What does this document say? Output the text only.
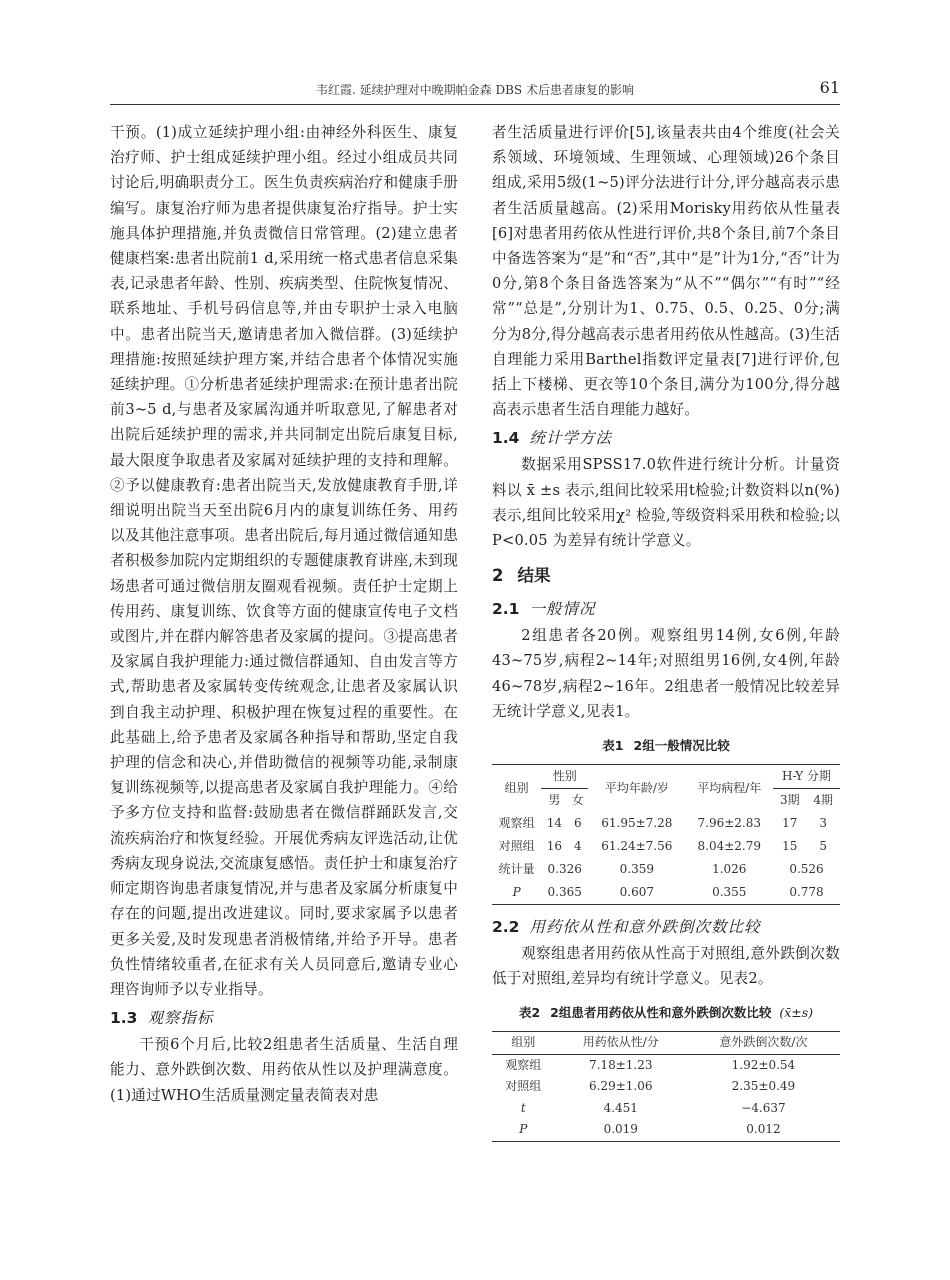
韦红霞. 延续护理对中晚期帕金森 DBS 术后患者康复的影响	61

干预。(1)成立延续护理小组:由神经外科医生、康复治疗师、护士组成延续护理小组。经过小组成员共同讨论后,明确职责分工。医生负责疾病治疗和健康手册编写。康复治疗师为患者提供康复治疗指导。护士实施具体护理措施,并负责微信日常管理。(2)建立患者健康档案:患者出院前1 d,采用统一格式患者信息采集表,记录患者年龄、性别、疾病类型、住院恢复情况、联系地址、手机号码信息等,并由专职护士录入电脑中。患者出院当天,邀请患者加入微信群。(3)延续护理措施:按照延续护理方案,并结合患者个体情况实施延续护理。①分析患者延续护理需求:在预计患者出院前3~5 d,与患者及家属沟通并听取意见,了解患者对出院后延续护理的需求,并共同制定出院后康复目标,最大限度争取患者及家属对延续护理的支持和理解。②予以健康教育:患者出院当天,发放健康教育手册,详细说明出院当天至出院6月内的康复训练任务、用药以及其他注意事项。患者出院后,每月通过微信通知患者积极参加院内定期组织的专题健康教育讲座,未到现场患者可通过微信朋友圈观看视频。责任护士定期上传用药、康复训练、饮食等方面的健康宣传电子文档或图片,并在群内解答患者及家属的提问。③提高患者及家属自我护理能力:通过微信群通知、自由发言等方式,帮助患者及家属转变传统观念,让患者及家属认识到自我主动护理、积极护理在恢复过程的重要性。在此基础上,给予患者及家属各种指导和帮助,坚定自我护理的信念和决心,并借助微信的视频等功能,录制康复训练视频等,以提高患者及家属自我护理能力。④给予多方位支持和监督:鼓励患者在微信群踊跃发言,交流疾病治疗和恢复经验。开展优秀病友评选活动,让优秀病友现身说法,交流康复感悟。责任护士和康复治疗师定期咨询患者康复情况,并与患者及家属分析康复中存在的问题,提出改进建议。同时,要求家属予以患者更多关爱,及时发现患者消极情绪,并给予开导。患者负性情绪较重者,在征求有关人员同意后,邀请专业心理咨询师予以专业指导。

1.3 观察指标

干预6个月后,比较2组患者生活质量、生活自理能力、意外跌倒次数、用药依从性以及护理满意度。(1)通过WHO生活质量测定量表简表对患

者生活质量进行评价[5],该量表共由4个维度(社会关系领域、环境领域、生理领域、心理领域)26个条目组成,采用5级(1~5)评分法进行计分,评分越高表示患者生活质量越高。(2)采用Morisky用药依从性量表[6]对患者用药依从性进行评价,共8个条目,前7个条目中备选答案为“是”和“否”,其中“是”计为1分,“否”计为0分,第8个条目备选答案为“从不”“偶尔”“有时”“经常”“总是”,分别计为1、0.75、0.5、0.25、0分;满分为8分,得分越高表示患者用药依从性越高。(3)生活自理能力采用Barthel指数评定量表[7]进行评价,包括上下楼梯、更衣等10个条目,满分为100分,得分越高表示患者生活自理能力越好。

1.4 统计学方法

数据采用SPSS17.0软件进行统计分析。计量资料以 x̄ ±s 表示,组间比较采用t检验;计数资料以n(%)表示,组间比较采用χ² 检验,等级资料采用秩和检验;以 P<0.05 为差异有统计学意义。

2 结果
2.1 一般情况

2组患者各20例。观察组男14例,女6例,年龄43~75岁,病程2~14年;对照组男16例,女4例,年龄46~78岁,病程2~16年。2组患者一般情况比较差异无统计学意义,见表1。

表1 2组一般情况比较
组别	性别		平均年龄/岁	平均病程/年	H-Y 分期	
	男	女			3期	4期
观察组	14	6	61.95±7.28	7.96±2.83	17	3
对照组	16	4	61.24±7.56	8.04±2.79	15	5
统计量	0.326		0.359	1.026	0.526	
P	0.365		0.607	0.355	0.778	
2.2 用药依从性和意外跌倒次数比较

观察组患者用药依从性高于对照组,意外跌倒次数低于对照组,差异均有统计学意义。见表2。

表2 2组患者用药依从性和意外跌倒次数比较 (x̄±s)
组别	用药依从性/分	意外跌倒次数/次
观察组	7.18±1.23	1.92±0.54
对照组	6.29±1.06	2.35±0.49
t	4.451	−4.637
P	0.019	0.012
